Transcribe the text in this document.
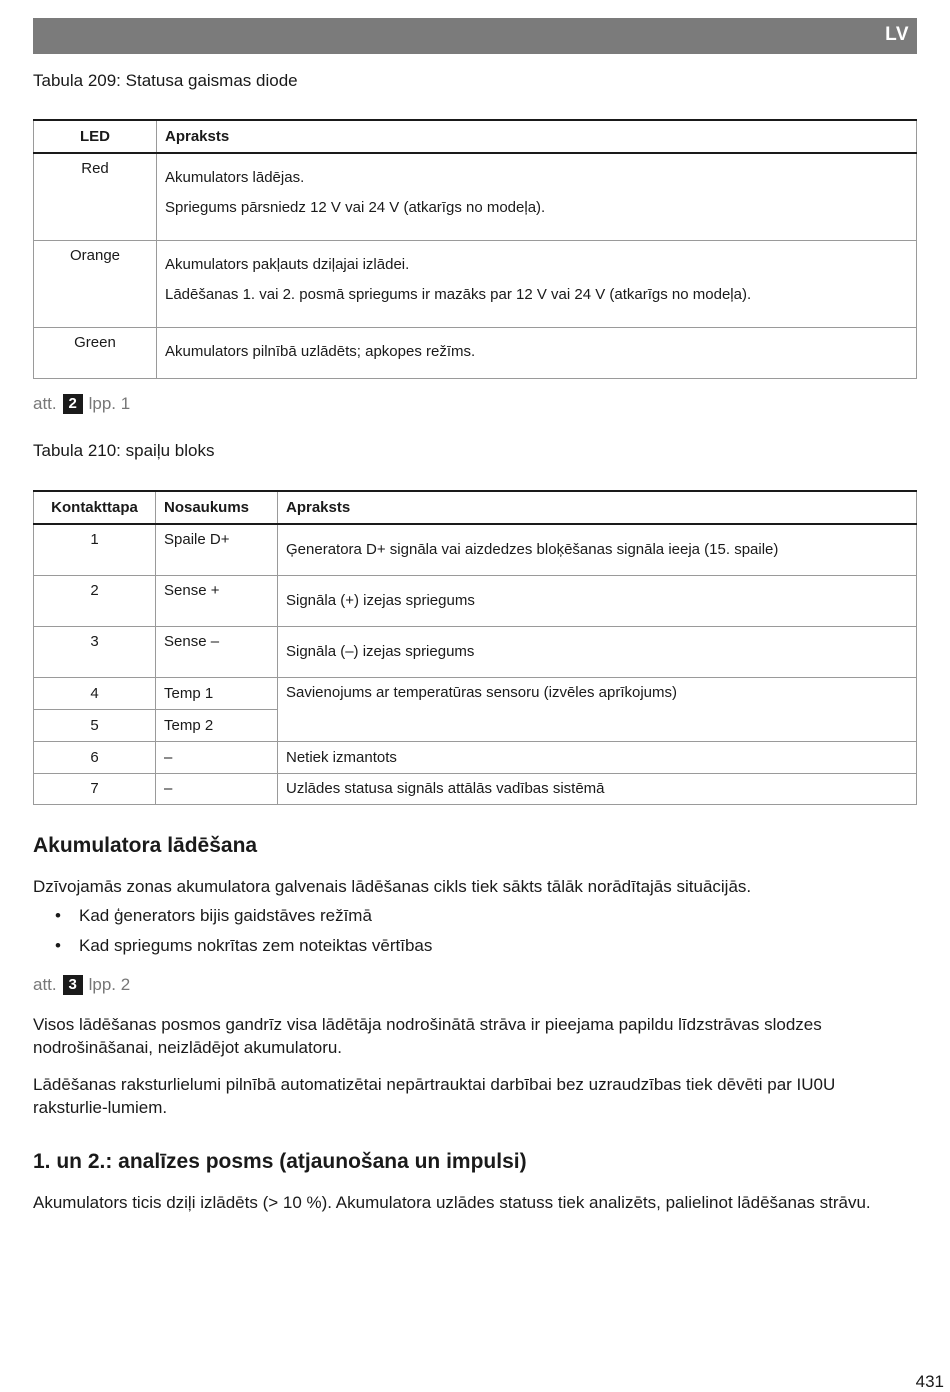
LV
Tabula 209: Statusa gaismas diode
LED	Apraksts
Red	Akumulators lādējas.
Spriegums pārsniedz 12 V vai 24 V (atkarīgs no modeļa).

Orange	Akumulators pakļauts dziļajai izlādei.
Lādēšanas 1. vai 2. posmā spriegums ir mazāks par 12 V vai 24 V (atkarīgs no modeļa).

Green	Akumulators pilnībā uzlādēts; apkopes režīms.
att. 2 lpp. 1
Tabula 210: spaiļu bloks
Kontakttapa	Nosaukums	Apraksts
1	Spaile D+	Ģeneratora D+ signāla vai aizdedzes bloķēšanas signāla ieeja (15. spaile)
2	Sense +	Signāla (+) izejas spriegums
3	Sense –	Signāla (–) izejas spriegums
4	Temp 1	Savienojums ar temperatūras sensoru (izvēles aprīkojums)
5	Temp 2	
6	–	Netiek izmantots
7	–	Uzlādes statusa signāls attālās vadības sistēmā
Akumulatora lādēšana
Dzīvojamās zonas akumulatora galvenais lādēšanas cikls tiek sākts tālāk norādītajās situācijās.
• Kad ģenerators bijis gaidstāves režīmā
• Kad spriegums nokrītas zem noteiktas vērtības
att. 3 lpp. 2
Visos lādēšanas posmos gandrīz visa lādētāja nodrošinātā strāva ir pieejama papildu līdzstrāvas slodzes nodrošināšanai, neizlādējot akumulatoru.
Lādēšanas raksturlielumi pilnībā automatizētai nepārtrauktai darbībai bez uzraudzības tiek dēvēti par IU0U raksturlie-lumiem.
1. un 2.: analīzes posms (atjaunošana un impulsi)
Akumulators ticis dziļi izlādēts (> 10 %). Akumulatora uzlādes statuss tiek analizēts, palielinot lādēšanas strāvu.
431
